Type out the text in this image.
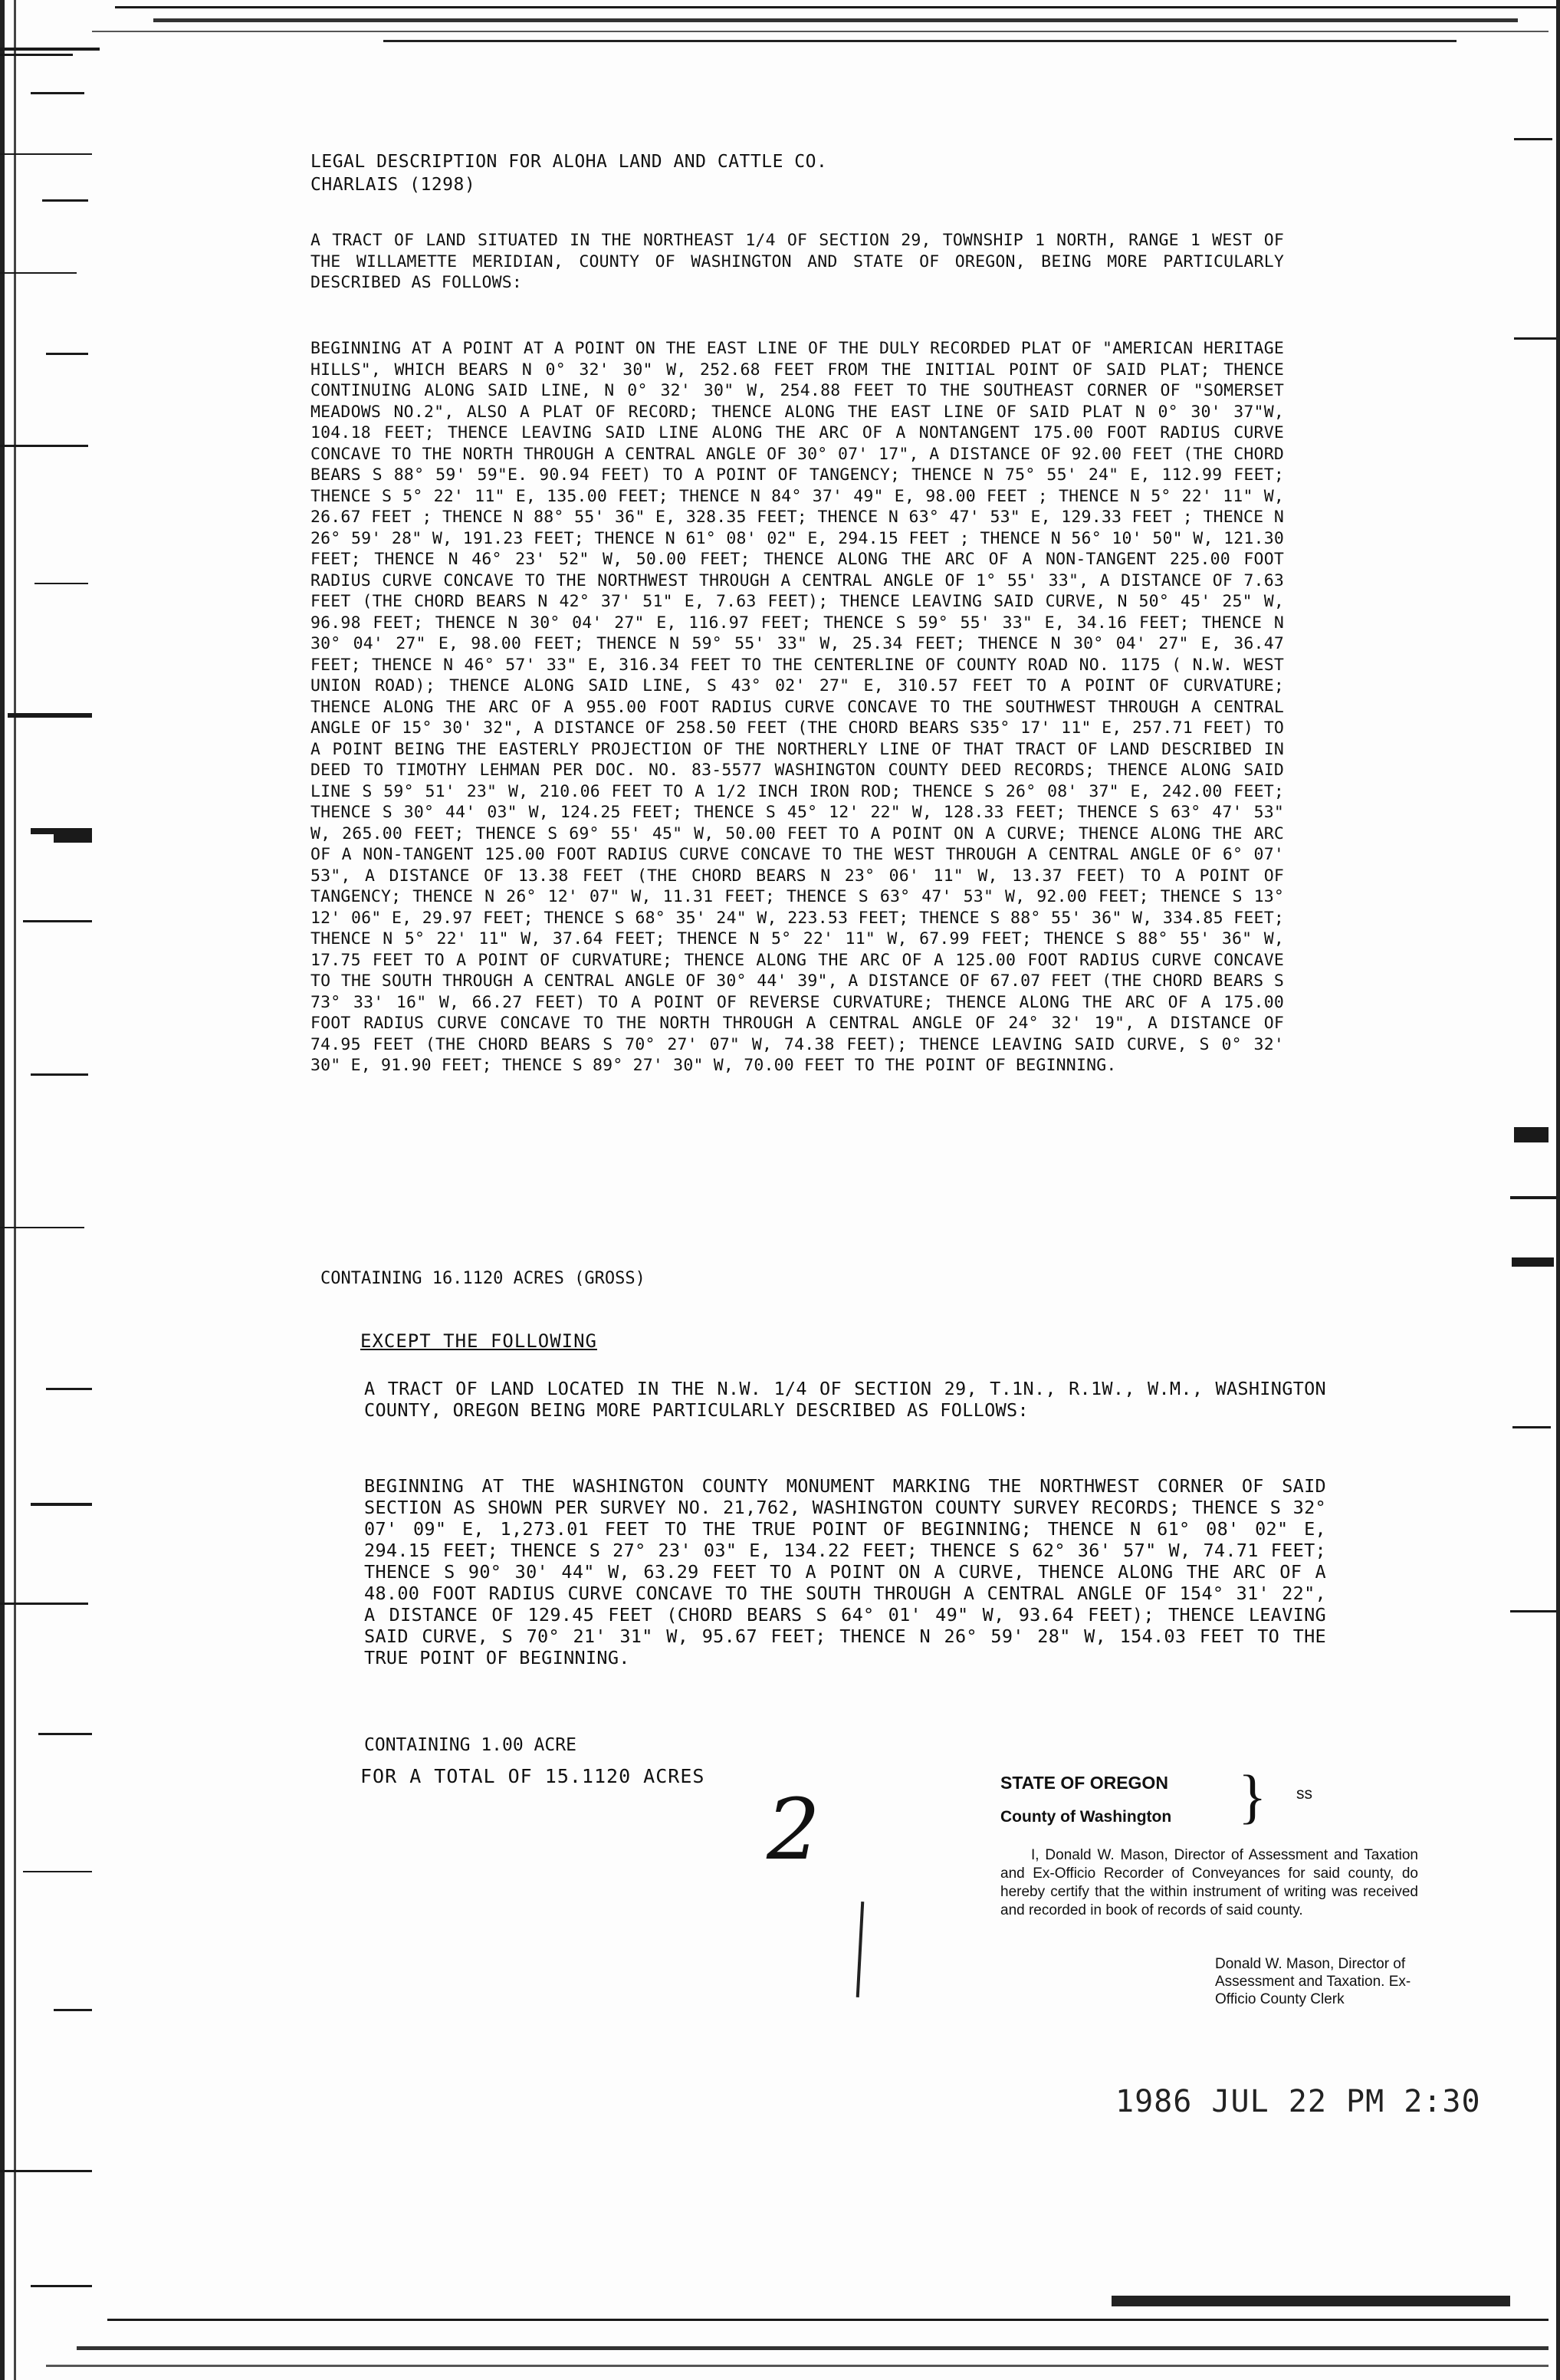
LEGAL DESCRIPTION FOR ALOHA LAND AND CATTLE CO.
CHARLAIS (1298)
A TRACT OF LAND SITUATED IN THE NORTHEAST 1/4 OF SECTION 29, TOWNSHIP 1 NORTH, RANGE 1 WEST OF THE WILLAMETTE MERIDIAN, COUNTY OF WASHINGTON AND STATE OF OREGON, BEING MORE PARTICULARLY DESCRIBED AS FOLLOWS:
BEGINNING AT A POINT AT A POINT ON THE EAST LINE OF THE DULY RECORDED PLAT OF "AMERICAN HERITAGE HILLS", WHICH BEARS N 0° 32' 30" W, 252.68 FEET FROM THE INITIAL POINT OF SAID PLAT; THENCE CONTINUING ALONG SAID LINE, N 0° 32' 30" W, 254.88 FEET TO THE SOUTHEAST CORNER OF "SOMERSET MEADOWS NO.2", ALSO A PLAT OF RECORD; THENCE ALONG THE EAST LINE OF SAID PLAT N 0° 30' 37"W, 104.18 FEET; THENCE LEAVING SAID LINE ALONG THE ARC OF A NONTANGENT 175.00 FOOT RADIUS CURVE CONCAVE TO THE NORTH THROUGH A CENTRAL ANGLE OF 30° 07' 17", A DISTANCE OF 92.00 FEET (THE CHORD BEARS S 88° 59' 59"E. 90.94 FEET) TO A POINT OF TANGENCY; THENCE N 75° 55' 24" E, 112.99 FEET; THENCE S 5° 22' 11" E, 135.00 FEET; THENCE N 84° 37' 49" E, 98.00 FEET ; THENCE N 5° 22' 11" W, 26.67 FEET ; THENCE N 88° 55' 36" E, 328.35 FEET; THENCE N 63° 47' 53" E, 129.33 FEET ; THENCE N 26° 59' 28" W, 191.23 FEET; THENCE N 61° 08' 02" E, 294.15 FEET ; THENCE N 56° 10' 50" W, 121.30 FEET; THENCE N 46° 23' 52" W, 50.00 FEET; THENCE ALONG THE ARC OF A NON-TANGENT 225.00 FOOT RADIUS CURVE CONCAVE TO THE NORTHWEST THROUGH A CENTRAL ANGLE OF 1° 55' 33", A DISTANCE OF 7.63 FEET (THE CHORD BEARS N 42° 37' 51" E, 7.63 FEET); THENCE LEAVING SAID CURVE, N 50° 45' 25" W, 96.98 FEET; THENCE N 30° 04' 27" E, 116.97 FEET; THENCE S 59° 55' 33" E, 34.16 FEET; THENCE N 30° 04' 27" E, 98.00 FEET; THENCE N 59° 55' 33" W, 25.34 FEET; THENCE N 30° 04' 27" E, 36.47 FEET; THENCE N 46° 57' 33" E, 316.34 FEET TO THE CENTERLINE OF COUNTY ROAD NO. 1175 ( N.W. WEST UNION ROAD); THENCE ALONG SAID LINE, S 43° 02' 27" E, 310.57 FEET TO A POINT OF CURVATURE; THENCE ALONG THE ARC OF A 955.00 FOOT RADIUS CURVE CONCAVE TO THE SOUTHWEST THROUGH A CENTRAL ANGLE OF 15° 30' 32", A DISTANCE OF 258.50 FEET (THE CHORD BEARS S35° 17' 11" E, 257.71 FEET) TO A POINT BEING THE EASTERLY PROJECTION OF THE NORTHERLY LINE OF THAT TRACT OF LAND DESCRIBED IN DEED TO TIMOTHY LEHMAN PER DOC. NO. 83-5577 WASHINGTON COUNTY DEED RECORDS; THENCE ALONG SAID LINE S 59° 51' 23" W, 210.06 FEET TO A 1/2 INCH IRON ROD; THENCE S 26° 08' 37" E, 242.00 FEET; THENCE S 30° 44' 03" W, 124.25 FEET; THENCE S 45° 12' 22" W, 128.33 FEET; THENCE S 63° 47' 53" W, 265.00 FEET; THENCE S 69° 55' 45" W, 50.00 FEET TO A POINT ON A CURVE; THENCE ALONG THE ARC OF A NON-TANGENT 125.00 FOOT RADIUS CURVE CONCAVE TO THE WEST THROUGH A CENTRAL ANGLE OF 6° 07' 53", A DISTANCE OF 13.38 FEET (THE CHORD BEARS N 23° 06' 11" W, 13.37 FEET) TO A POINT OF TANGENCY; THENCE N 26° 12' 07" W, 11.31 FEET; THENCE S 63° 47' 53" W, 92.00 FEET; THENCE S 13° 12' 06" E, 29.97 FEET; THENCE S 68° 35' 24" W, 223.53 FEET; THENCE S 88° 55' 36" W, 334.85 FEET; THENCE N 5° 22' 11" W, 37.64 FEET; THENCE N 5° 22' 11" W, 67.99 FEET; THENCE S 88° 55' 36" W, 17.75 FEET TO A POINT OF CURVATURE; THENCE ALONG THE ARC OF A 125.00 FOOT RADIUS CURVE CONCAVE TO THE SOUTH THROUGH A CENTRAL ANGLE OF 30° 44' 39", A DISTANCE OF 67.07 FEET (THE CHORD BEARS S 73° 33' 16" W, 66.27 FEET) TO A POINT OF REVERSE CURVATURE; THENCE ALONG THE ARC OF A 175.00 FOOT RADIUS CURVE CONCAVE TO THE NORTH THROUGH A CENTRAL ANGLE OF 24° 32' 19", A DISTANCE OF 74.95 FEET (THE CHORD BEARS S 70° 27' 07" W, 74.38 FEET); THENCE LEAVING SAID CURVE, S 0° 32' 30" E, 91.90 FEET; THENCE S 89° 27' 30" W, 70.00 FEET TO THE POINT OF BEGINNING.
CONTAINING 16.1120 ACRES (GROSS)
EXCEPT THE FOLLOWING
A TRACT OF LAND LOCATED IN THE N.W. 1/4 OF SECTION 29, T.1N., R.1W., W.M., WASHINGTON COUNTY, OREGON BEING MORE PARTICULARLY DESCRIBED AS FOLLOWS:
BEGINNING AT THE WASHINGTON COUNTY MONUMENT MARKING THE NORTHWEST CORNER OF SAID SECTION AS SHOWN PER SURVEY NO. 21,762, WASHINGTON COUNTY SURVEY RECORDS; THENCE S 32° 07' 09" E, 1,273.01 FEET TO THE TRUE POINT OF BEGINNING; THENCE N 61° 08' 02" E, 294.15 FEET; THENCE S 27° 23' 03" E, 134.22 FEET; THENCE S 62° 36' 57" W, 74.71 FEET; THENCE S 90° 30' 44" W, 63.29 FEET TO A POINT ON A CURVE, THENCE ALONG THE ARC OF A 48.00 FOOT RADIUS CURVE CONCAVE TO THE SOUTH THROUGH A CENTRAL ANGLE OF 154° 31' 22", A DISTANCE OF 129.45 FEET (CHORD BEARS S 64° 01' 49" W, 93.64 FEET); THENCE LEAVING SAID CURVE, S 70° 21' 31" W, 95.67 FEET; THENCE N 26° 59' 28" W, 154.03 FEET TO THE TRUE POINT OF BEGINNING.
CONTAINING 1.00 ACRE
FOR A TOTAL OF 15.1120 ACRES
2	STATE OF OREGON
County of Washington } ss
I, Donald W. Mason, Director of Assessment and Taxation and Ex-Officio Recorder of Conveyances for said county, do hereby certify that the within instrument of writing was received and recorded in book of records of said county.
Donald W. Mason, Director of Assessment and Taxation. Ex-Officio County Clerk
1986 JUL 22 PM 2:30
